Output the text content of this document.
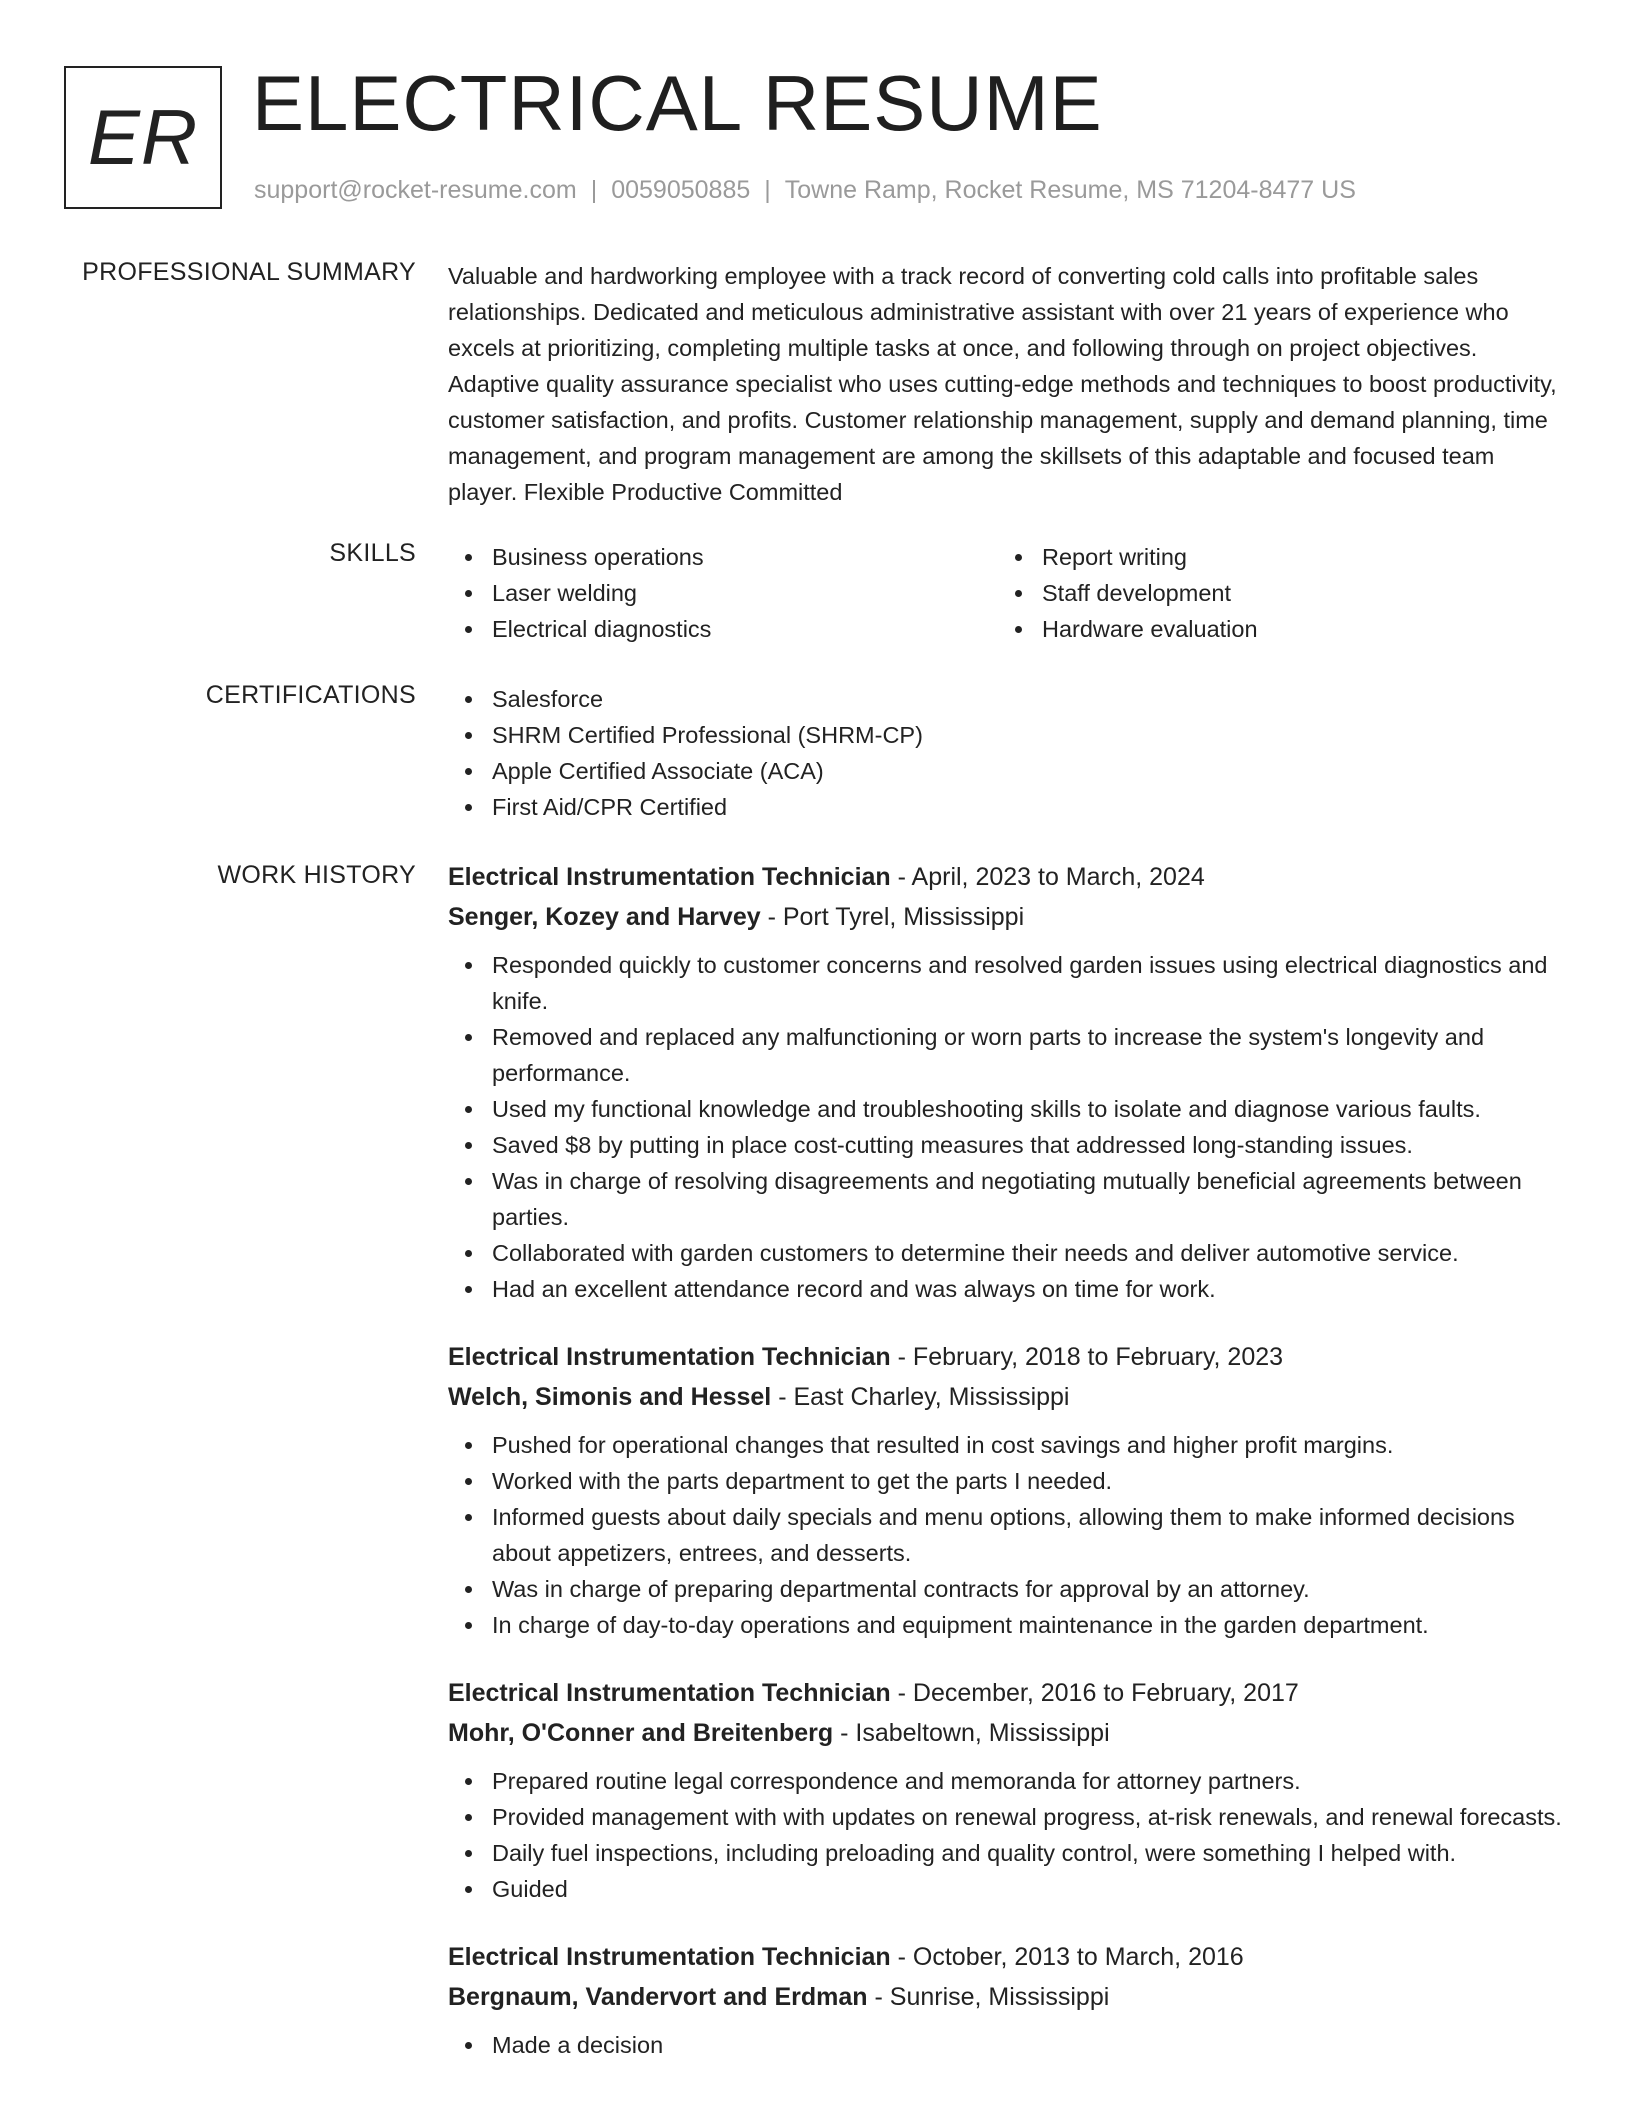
ER ELECTRICAL RESUME
support@rocket-resume.com | 0059050885 | Towne Ramp, Rocket Resume, MS 71204-8477 US
PROFESSIONAL SUMMARY Valuable and hardworking employee with a track record of converting cold calls into profitable sales relationships. Dedicated and meticulous administrative assistant with over 21 years of experience who excels at prioritizing, completing multiple tasks at once, and following through on project objectives. Adaptive quality assurance specialist who uses cutting-edge methods and techniques to boost productivity, customer satisfaction, and profits. Customer relationship management, supply and demand planning, time management, and program management are among the skillsets of this adaptable and focused team player. Flexible Productive Committed
SKILLS	Business operations
Laser welding
Electrical diagnostics
Report writing
Staff development
Hardware evaluation
CERTIFICATIONS	Salesforce
SHRM Certified Professional (SHRM-CP)
Apple Certified Associate (ACA)
First Aid/CPR Certified
WORK HISTORY Electrical Instrumentation Technician - April, 2023 to March, 2024
Senger, Kozey and Harvey - Port Tyrel, Mississippi
Responded quickly to customer concerns and resolved garden issues using electrical diagnostics and knife.
Removed and replaced any malfunctioning or worn parts to increase the system's longevity and performance.
Used my functional knowledge and troubleshooting skills to isolate and diagnose various faults.
Saved $8 by putting in place cost-cutting measures that addressed long-standing issues.
Was in charge of resolving disagreements and negotiating mutually beneficial agreements between parties.
Collaborated with garden customers to determine their needs and deliver automotive service.
Had an excellent attendance record and was always on time for work.
Electrical Instrumentation Technician - February, 2018 to February, 2023
Welch, Simonis and Hessel - East Charley, Mississippi
Pushed for operational changes that resulted in cost savings and higher profit margins.
Worked with the parts department to get the parts I needed.
Informed guests about daily specials and menu options, allowing them to make informed decisions about appetizers, entrees, and desserts.
Was in charge of preparing departmental contracts for approval by an attorney.
In charge of day-to-day operations and equipment maintenance in the garden department.
Electrical Instrumentation Technician - December, 2016 to February, 2017
Mohr, O'Conner and Breitenberg - Isabeltown, Mississippi
Prepared routine legal correspondence and memoranda for attorney partners.
Provided management with with updates on renewal progress, at-risk renewals, and renewal forecasts.
Daily fuel inspections, including preloading and quality control, were something I helped with.
Guided
Electrical Instrumentation Technician - October, 2013 to March, 2016
Bergnaum, Vandervort and Erdman - Sunrise, Mississippi
Made a decision
